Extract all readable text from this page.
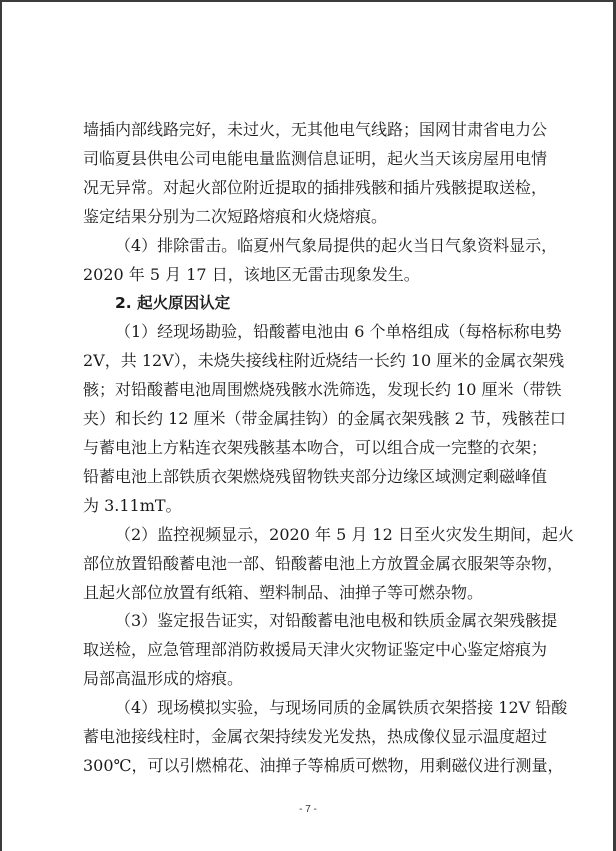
墙插内部线路完好，未过火，无其他电气线路；国网甘肃省电力公
司临夏县供电公司电能电量监测信息证明，起火当天该房屋用电情
况无异常。对起火部位附近提取的插排残骸和插片残骸提取送检，
鉴定结果分别为二次短路熔痕和火烧熔痕。

（4）排除雷击。临夏州气象局提供的起火当日气象资料显示，
2020 年 5 月 17 日，该地区无雷击现象发生。

2. 起火原因认定

（1）经现场勘验，铅酸蓄电池由 6 个单格组成（每格标称电势
2V，共 12V），未烧失接线柱附近烧结一长约 10 厘米的金属衣架残
骸；对铅酸蓄电池周围燃烧残骸水洗筛选，发现长约 10 厘米（带铁
夹）和长约 12 厘米（带金属挂钩）的金属衣架残骸 2 节，残骸茬口
与蓄电池上方粘连衣架残骸基本吻合，可以组合成一完整的衣架；
铅蓄电池上部铁质衣架燃烧残留物铁夹部分边缘区域测定剩磁峰值
为 3.11mT。

（2）监控视频显示，2020 年 5 月 12 日至火灾发生期间，起火
部位放置铅酸蓄电池一部、铅酸蓄电池上方放置金属衣服架等杂物，
且起火部位放置有纸箱、塑料制品、油掸子等可燃杂物。

（3）鉴定报告证实，对铅酸蓄电池电极和铁质金属衣架残骸提
取送检，应急管理部消防救援局天津火灾物证鉴定中心鉴定熔痕为
局部高温形成的熔痕。

（4）现场模拟实验，与现场同质的金属铁质衣架搭接 12V 铅酸
蓄电池接线柱时，金属衣架持续发光发热，热成像仪显示温度超过
300℃，可以引燃棉花、油掸子等棉质可燃物，用剩磁仪进行测量，

- 7 -
